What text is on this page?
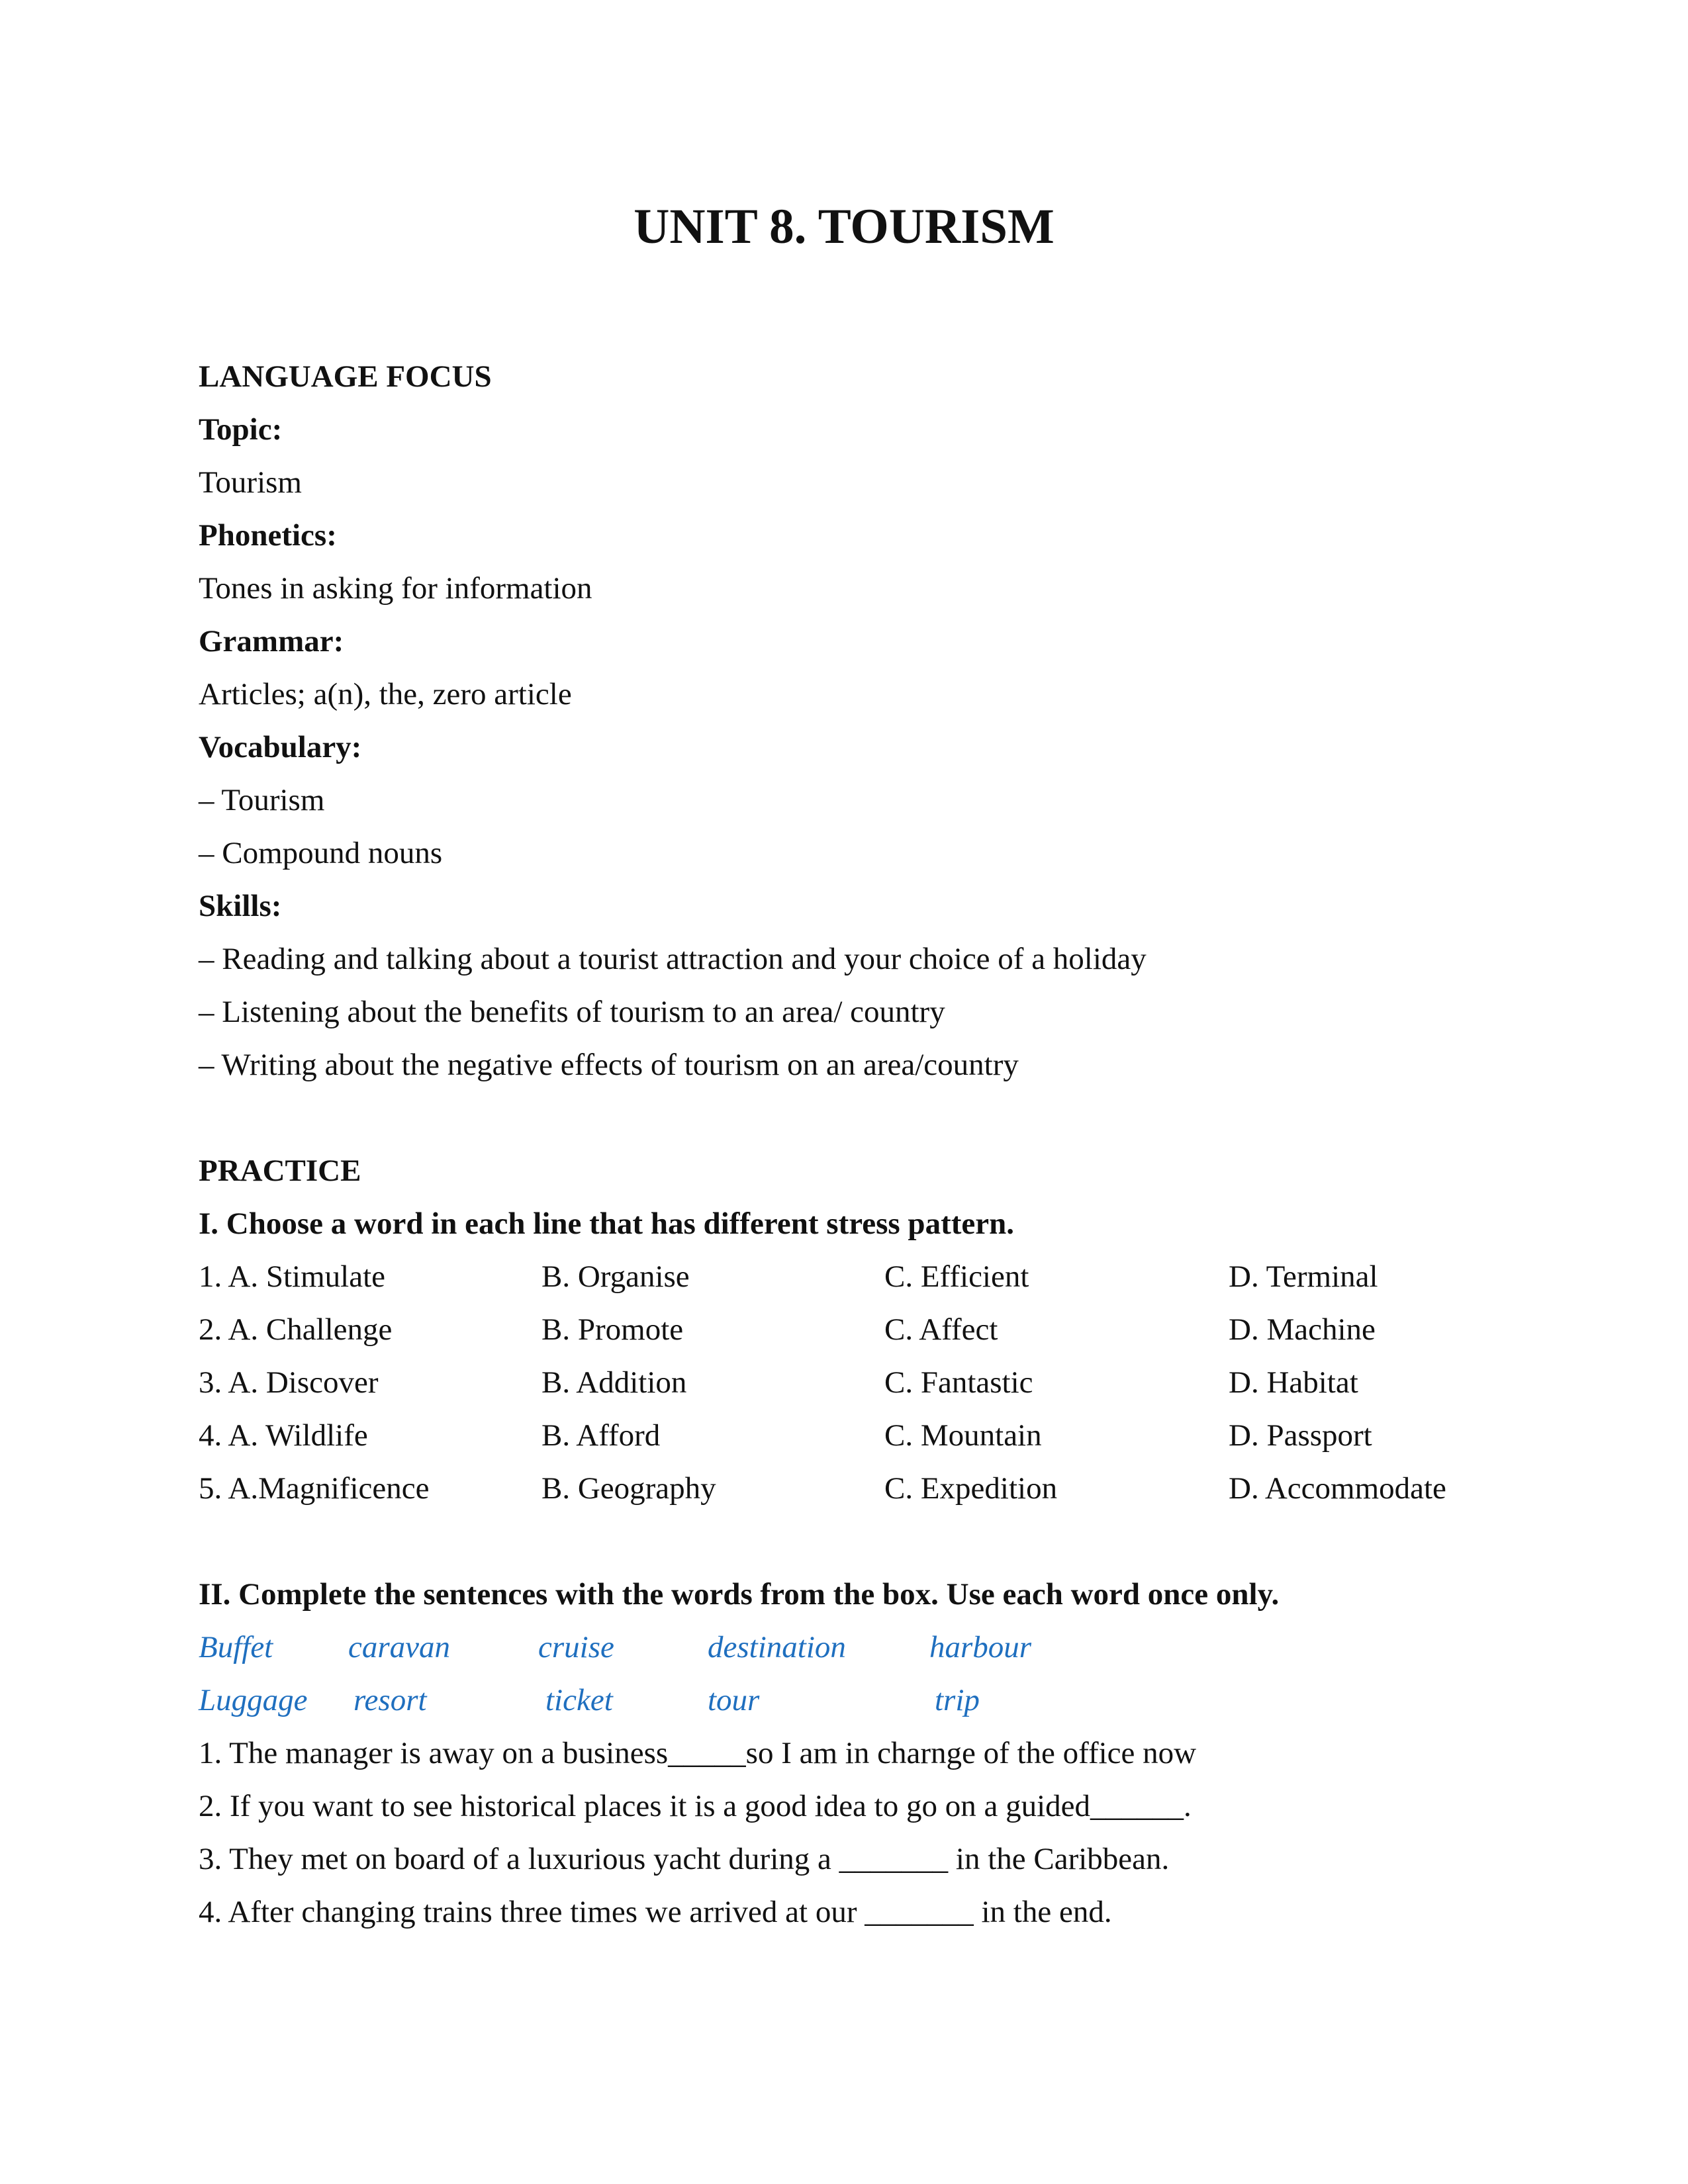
UNIT 8. TOURISM
LANGUAGE FOCUS
Topic:
Tourism
Phonetics:
Tones in asking for information
Grammar:
Articles; a(n), the, zero article
Vocabulary:
– Tourism
– Compound nouns
Skills:
– Reading and talking about a tourist attraction and your choice of a holiday
– Listening about the benefits of tourism to an area/ country
– Writing about the negative effects of tourism on an area/country
PRACTICE
I. Choose a word in each line that has different stress pattern.
1. A. Stimulate	B. Organise	C. Efficient	D. Terminal
2. A. Challenge	B. Promote	C. Affect	D. Machine
3. A. Discover	B. Addition	C. Fantastic	D. Habitat
4. A. Wildlife	B. Afford	C. Mountain	D. Passport
5. A.Magnificence	B. Geography	C. Expedition	D. Accommodate
II. Complete the sentences with the words from the box. Use each word once only.
Buffet caravan	cruise	destination	harbour
Luggage resort	ticket	tour	trip
1. The manager is away on a business_____so I am in charnge of the office now
2. If you want to see historical places it is a good idea to go on a guided______.
3. They met on board of a luxurious yacht during a _______ in the Caribbean.
4. After changing trains three times we arrived at our _______ in the end.
